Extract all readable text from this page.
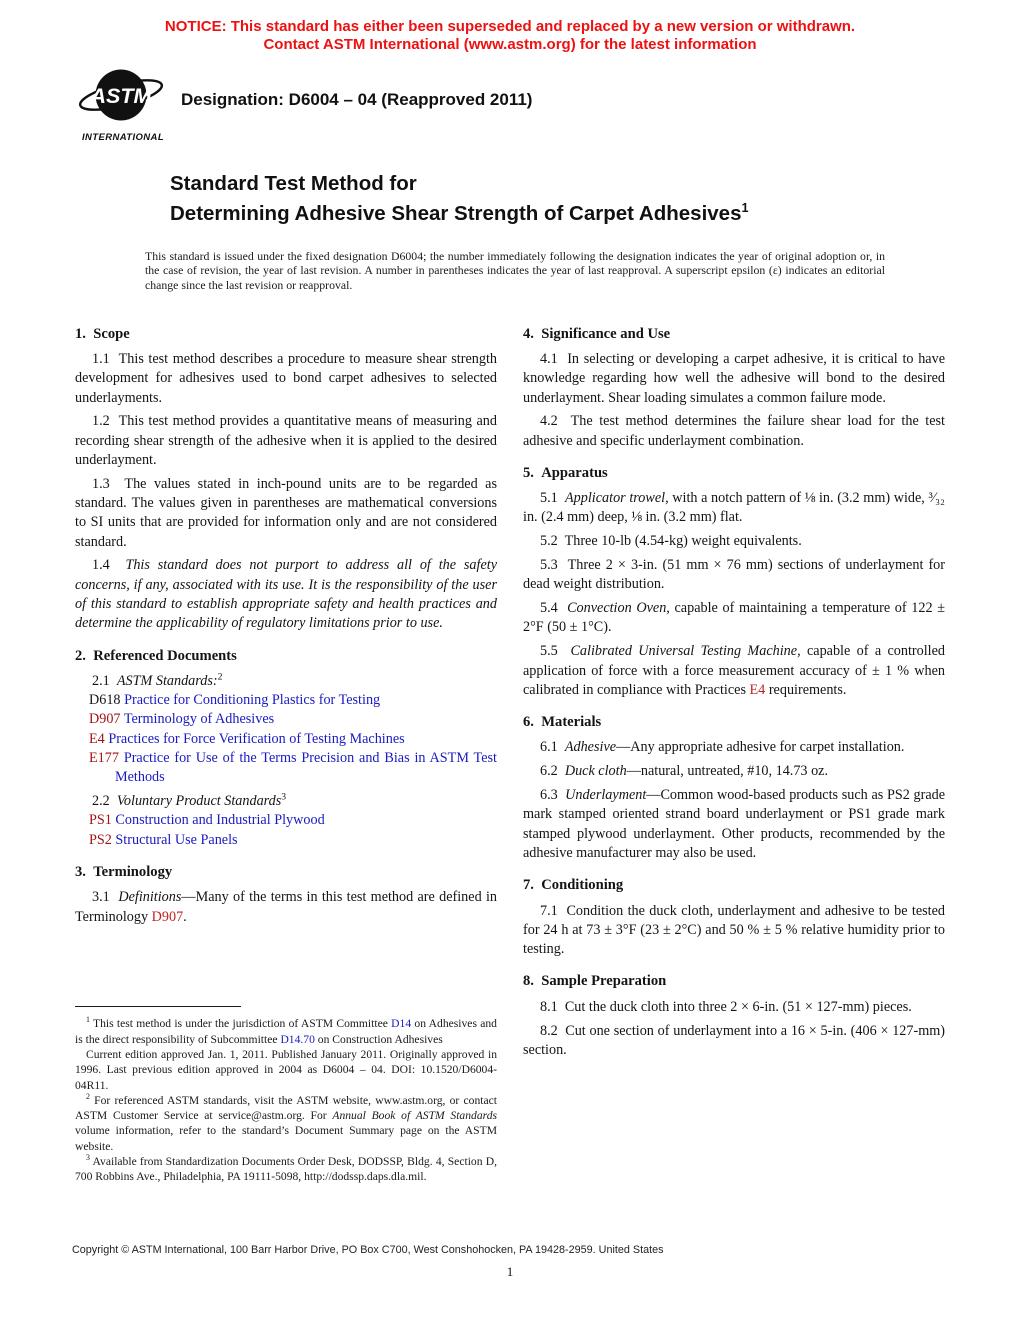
NOTICE: This standard has either been superseded and replaced by a new version or withdrawn.
Contact ASTM International (www.astm.org) for the latest information
ASTM
INTERNATIONAL
Designation: D6004 – 04 (Reapproved 2011)
Standard Test Method for
Determining Adhesive Shear Strength of Carpet Adhesives$^1$
This standard is issued under the fixed designation D6004; the number immediately following the designation indicates the year of original adoption or, in the case of revision, the year of last revision. A number in parentheses indicates the year of last reapproval. A superscript epsilon (ε) indicates an editorial change since the last revision or reapproval.
1.  Scope

1.1  This test method describes a procedure to measure shear strength development for adhesives used to bond carpet adhesives to selected underlayments.

1.2  This test method provides a quantitative means of measuring and recording shear strength of the adhesive when it is applied to the desired underlayment.

1.3  The values stated in inch-pound units are to be regarded as standard. The values given in parentheses are mathematical conversions to SI units that are provided for information only and are not considered standard.

1.4  This standard does not purport to address all of the safety concerns, if any, associated with its use. It is the responsibility of the user of this standard to establish appropriate safety and health practices and determine the applicability of regulatory limitations prior to use.

2.  Referenced Documents

2.1  ASTM Standards:$^2$

D618 Practice for Conditioning Plastics for Testing

D907 Terminology of Adhesives

E4 Practices for Force Verification of Testing Machines

E177 Practice for Use of the Terms Precision and Bias in ASTM Test Methods

2.2  Voluntary Product Standards$^3$

PS1 Construction and Industrial Plywood

PS2 Structural Use Panels

3.  Terminology

3.1  Definitions—Many of the terms in this test method are defined in Terminology D907.

$^1$ This test method is under the jurisdiction of ASTM Committee D14 on Adhesives and is the direct responsibility of Subcommittee D14.70 on Construction Adhesives

Current edition approved Jan. 1, 2011. Published January 2011. Originally approved in 1996. Last previous edition approved in 2004 as D6004 – 04. DOI: 10.1520/D6004-04R11.

$^2$ For referenced ASTM standards, visit the ASTM website, www.astm.org, or contact ASTM Customer Service at service@astm.org. For Annual Book of ASTM Standards volume information, refer to the standard’s Document Summary page on the ASTM website.

$^3$ Available from Standardization Documents Order Desk, DODSSP, Bldg. 4, Section D, 700 Robbins Ave., Philadelphia, PA 19111-5098, http://dodssp.daps.dla.mil.

4.  Significance and Use

4.1  In selecting or developing a carpet adhesive, it is critical to have knowledge regarding how well the adhesive will bond to the desired underlayment. Shear loading simulates a common failure mode.

4.2  The test method determines the failure shear load for the test adhesive and specific underlayment combination.

5.  Apparatus

5.1  Applicator trowel, with a notch pattern of ⅛ in. (3.2 mm) wide, ³⁄₃₂ in. (2.4 mm) deep, ⅛ in. (3.2 mm) flat.

5.2  Three 10-lb (4.54-kg) weight equivalents.

5.3  Three 2 × 3-in. (51 mm × 76 mm) sections of underlayment for dead weight distribution.

5.4  Convection Oven, capable of maintaining a temperature of 122 ± 2°F (50 ± 1°C).

5.5  Calibrated Universal Testing Machine, capable of a controlled application of force with a force measurement accuracy of ± 1 % when calibrated in compliance with Practices E4 requirements.

6.  Materials

6.1  Adhesive—Any appropriate adhesive for carpet installation.

6.2  Duck cloth—natural, untreated, #10, 14.73 oz.

6.3  Underlayment—Common wood-based products such as PS2 grade mark stamped oriented strand board underlayment or PS1 grade mark stamped plywood underlayment. Other products, recommended by the adhesive manufacturer may also be used.

7.  Conditioning

7.1  Condition the duck cloth, underlayment and adhesive to be tested for 24 h at 73 ± 3°F (23 ± 2°C) and 50 % ± 5 % relative humidity prior to testing.

8.  Sample Preparation

8.1  Cut the duck cloth into three 2 × 6-in. (51 × 127-mm) pieces.

8.2  Cut one section of underlayment into a 16 × 5-in. (406 × 127-mm) section.

Copyright © ASTM International, 100 Barr Harbor Drive, PO Box C700, West Conshohocken, PA 19428-2959. United States
1
